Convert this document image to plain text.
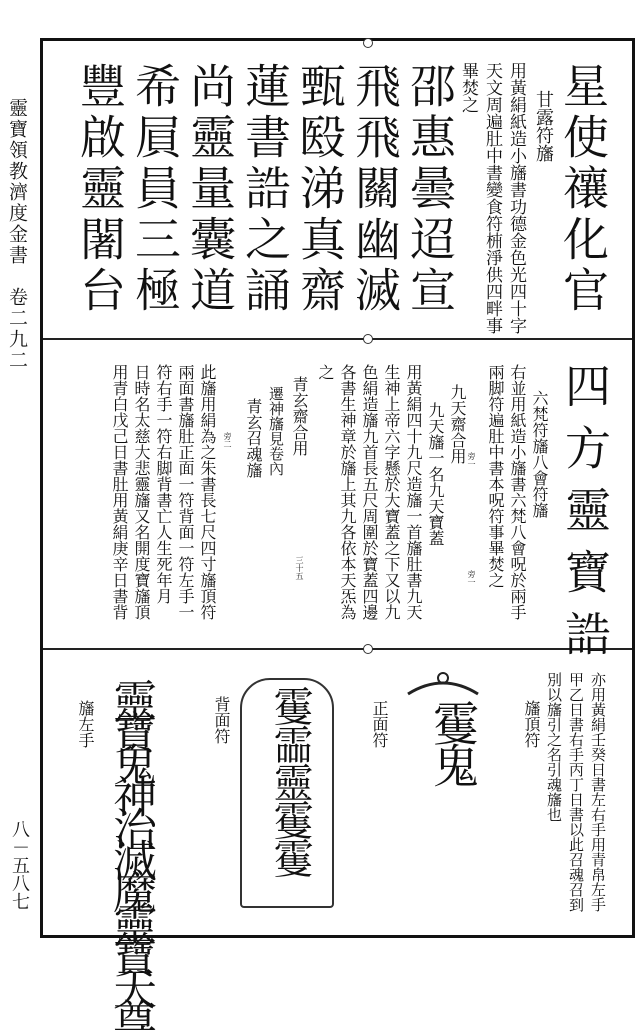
靈寶領教濟度金書　卷二九二
八－五八七
星使禳化官
甘露符旛
用黃絹紙造小旛書功德金色光四十字
天文周遍肚中書變食符枾淨供四畔事
畢焚之
邵惠曇迢宣
飛飛關幽滅
甄殹涕真齋
蓮書誥之誦
尚靈量囊道
希屓員三極
豐啟靈闍台
四方靈寶誥
六梵符旛八會符旛
右並用紙造小旛書六梵八會呪於兩手
兩脚符遍肚中書本呪符事畢焚之
旁一
旁一
九天齋合用
九天旛一名九天寶蓋
用黃絹四十九尺造旛一首旛肚書九天
生神上帝六字懸於大寶蓋之下又以九
色絹造旛九首長五尺周圍於寶蓋四邊
各書生神章於旛上其九各依本天炁為
之
青玄齋合用
遷神旛見卷內
三十五
青玄召魂旛
旁二
此旛用絹為之朱書長七尺四寸旛頂符
兩面書旛肚正面一符背面一符左手一
符右手一符右脚背書亡人生死年月
日時名太慈大悲靈旛又名開度寶旛頂
用青白戊己日書肚用黃絹庚辛日書背
亦用黃絹壬癸日書左右手用青帛左手
甲乙日書右手丙丁日書以此召魂召到
別以旛引之名引魂旛也
旛頂符
䨥鬼
正面符
䨥霝靈䨥䨥
背面符
靈寶鬼神治滅魔靈寶天尊
旛左手
